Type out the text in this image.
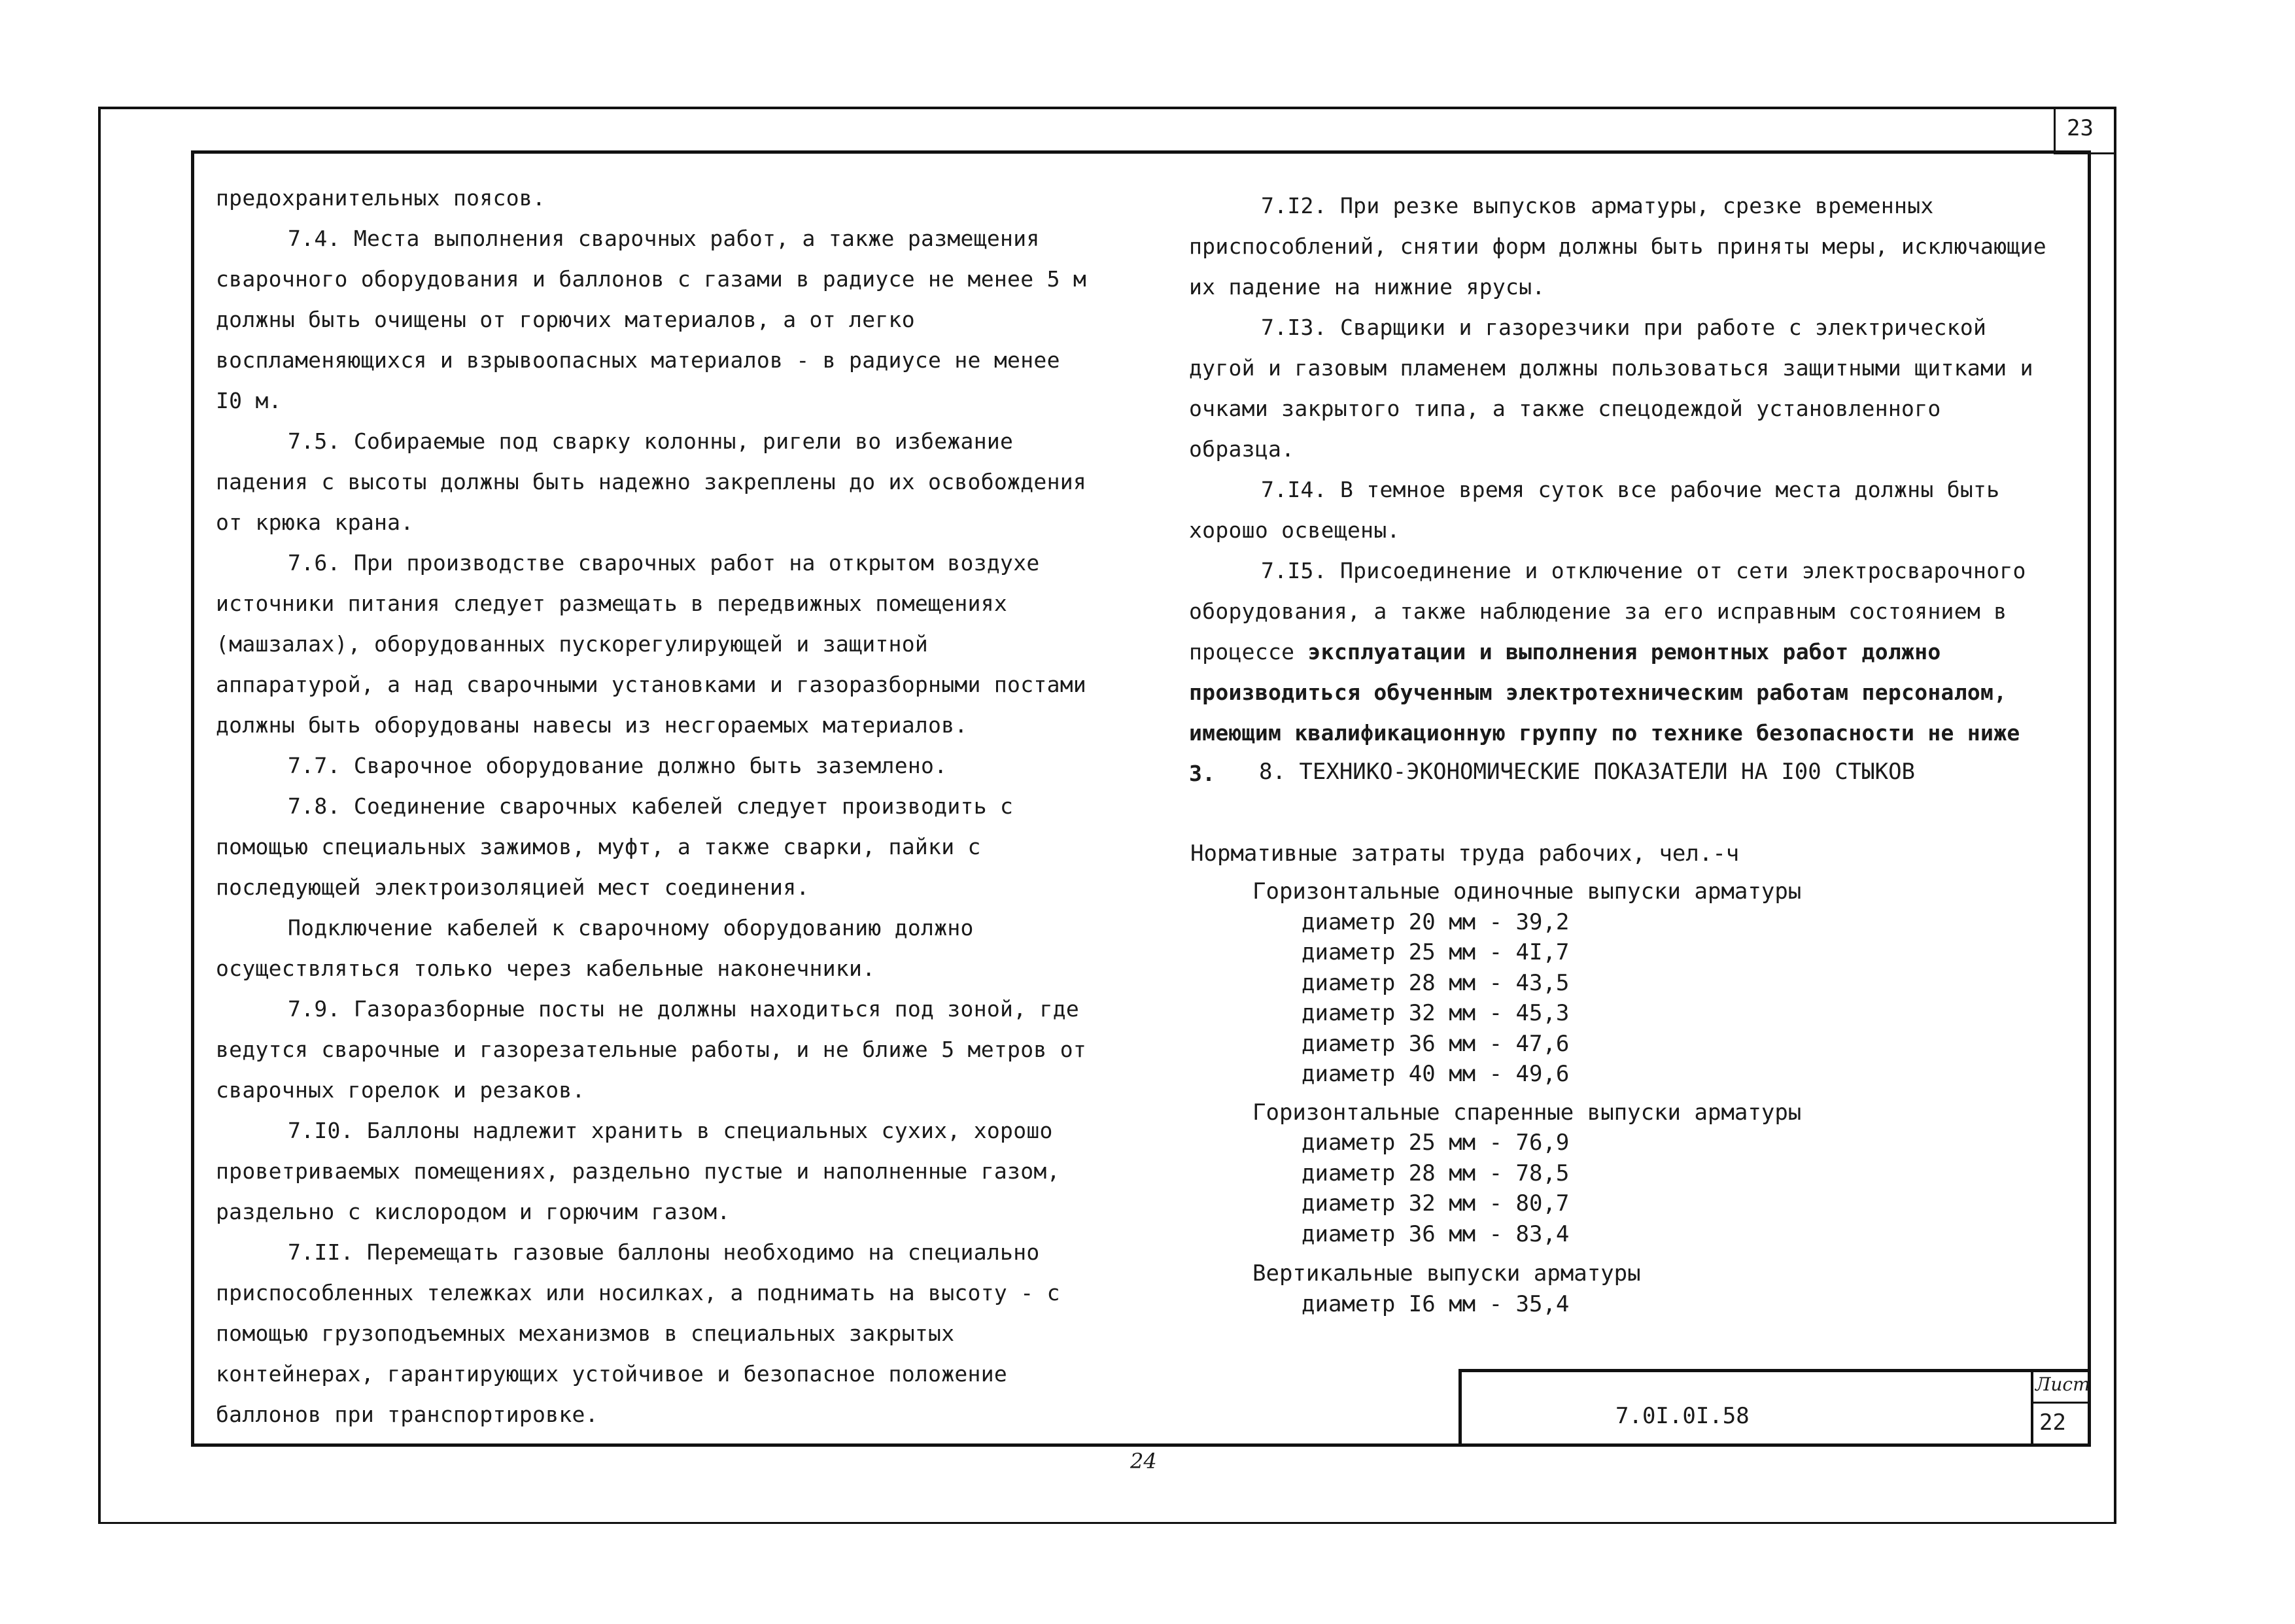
23

предохранительных поясов.

7.4. Места выполнения сварочных работ, а также размещения сварочного оборудования и баллонов с газами в радиусе не менее 5 м должны быть очищены от горючих материалов, а от легко воспламеняющихся и взрывоопасных материалов - в радиусе не менее I0 м.

7.5. Собираемые под сварку колонны, ригели во избежание падения с высоты должны быть надежно закреплены до их освобождения от крюка крана.

7.6. При производстве сварочных работ на открытом воздухе источники питания следует размещать в передвижных помещениях (машзалах), оборудованных пускорегулирующей и защитной аппаратурой, а над сварочными установками и газоразборными постами должны быть оборудованы навесы из несгораемых материалов.

7.7. Сварочное оборудование должно быть заземлено.

7.8. Соединение сварочных кабелей следует производить с помощью специальных зажимов, муфт, а также сварки, пайки с последующей электроизоляцией мест соединения.

Подключение кабелей к сварочному оборудованию должно осуществляться только через кабельные наконечники.

7.9. Газоразборные посты не должны находиться под зоной, где ведутся сварочные и газорезательные работы, и не ближе 5 метров от сварочных горелок и резаков.

7.I0. Баллоны надлежит хранить в специальных сухих, хорошо проветриваемых помещениях, раздельно пустые и наполненные газом, раздельно с кислородом и горючим газом.

7.II. Перемещать газовые баллоны необходимо на специально приспособленных тележках или носилках, а поднимать на высоту - с помощью грузоподъемных механизмов в специальных закрытых контейнерах, гарантирующих устойчивое и безопасное положение баллонов при транспортировке.

7.I2. При резке выпусков арматуры, срезке временных приспособлений, снятии форм должны быть приняты меры, исключающие их падение на нижние ярусы.

7.I3. Сварщики и газорезчики при работе с электрической дугой и газовым пламенем должны пользоваться защитными щитками и очками закрытого типа, а также спецодеждой установленного образца.

7.I4. В темное время суток все рабочие места должны быть хорошо освещены.

7.I5. Присоединение и отключение от сети электросварочного оборудования, а также наблюдение за его исправным состоянием в процессе эксплуатации и выполнения ремонтных работ должно производиться обученным электротехническим работам персоналом, имеющим квалификационную группу по технике безопасности не ниже 3.	8. ТЕХНИКО-ЭКОНОМИЧЕСКИЕ ПОКАЗАТЕЛИ НА I00 СТЫКОВ
Нормативные затраты труда рабочих, чел.-ч
Горизонтальные одиночные выпуски арматуры
диаметр 20 мм - 39,2
диаметр 25 мм - 4I,7
диаметр 28 мм - 43,5
диаметр 32 мм - 45,3
диаметр 36 мм - 47,6
диаметр 40 мм - 49,6
Горизонтальные спаренные выпуски арматуры
диаметр 25 мм - 76,9
диаметр 28 мм - 78,5
диаметр 32 мм - 80,7
диаметр 36 мм - 83,4
Вертикальные выпуски арматуры
диаметр I6 мм - 35,4
7.0I.0I.58
Лист
22
24
